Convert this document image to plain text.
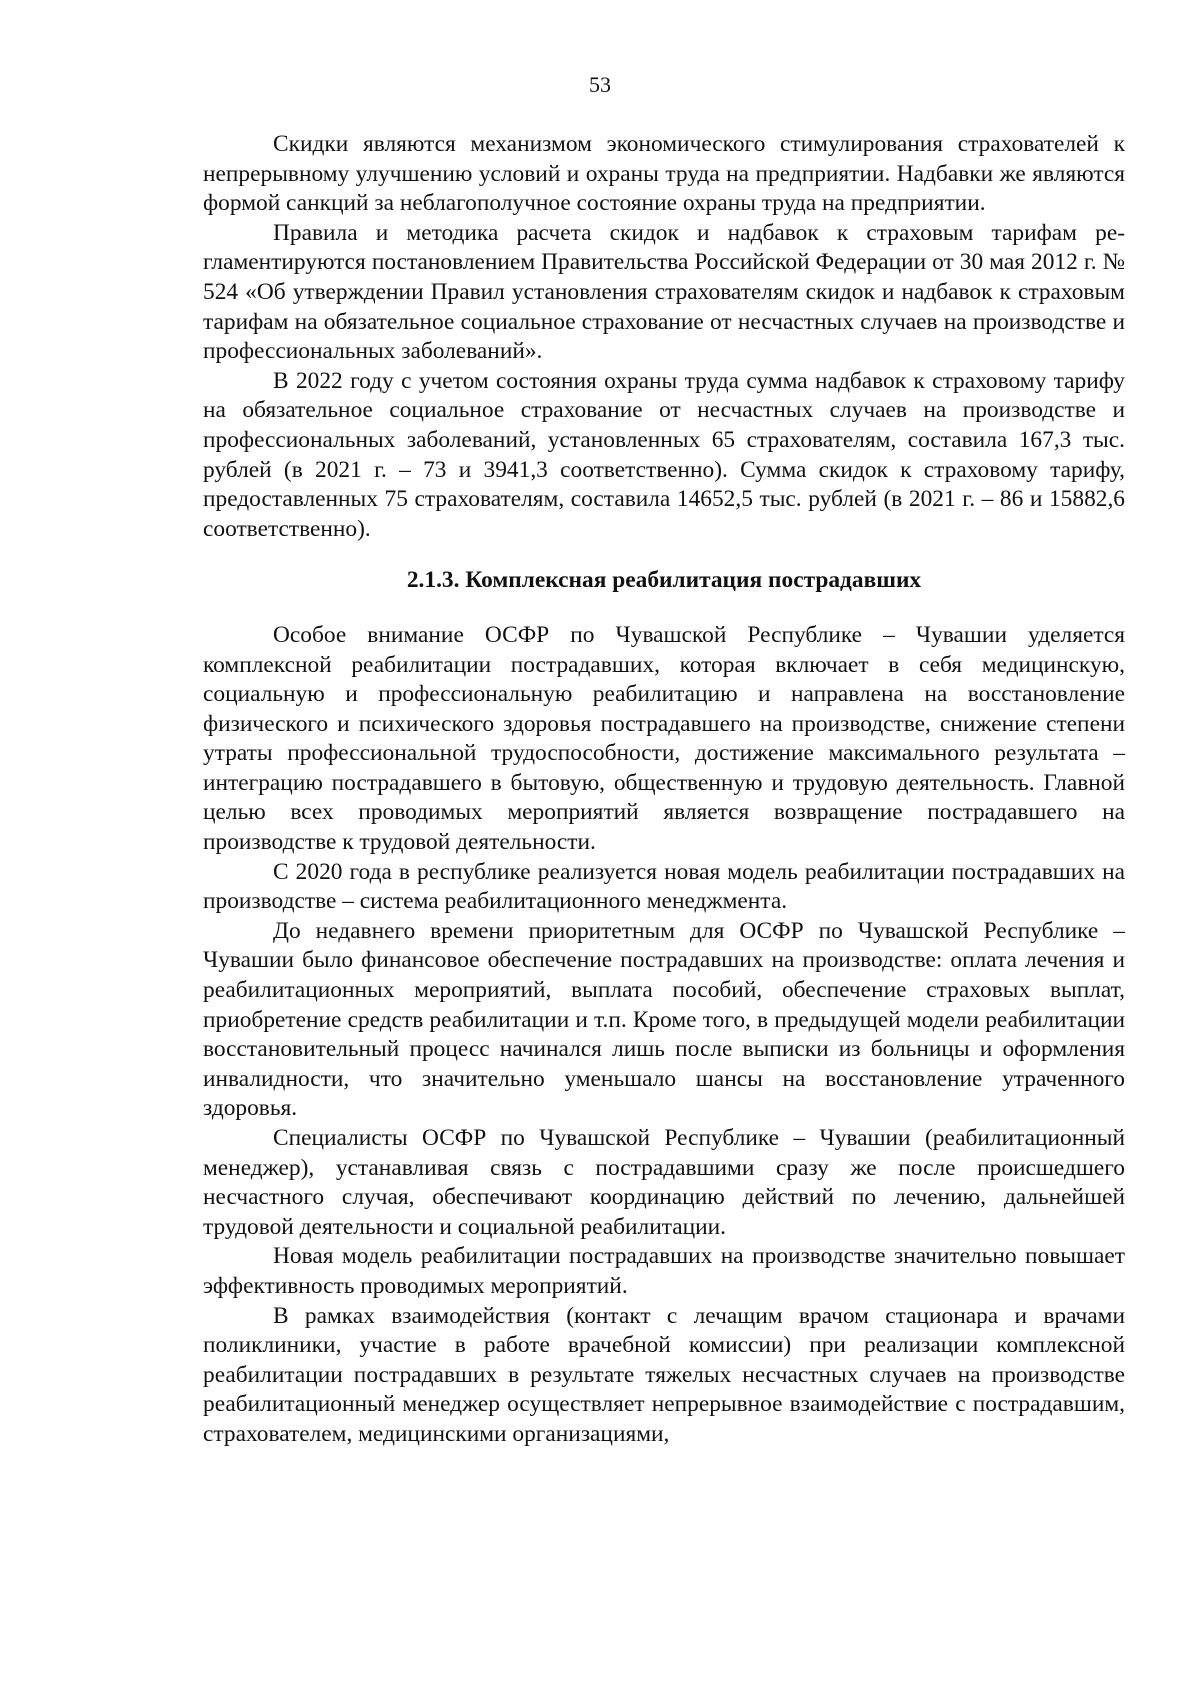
53

Скидки являются механизмом экономического стимулирования страхователей к непрерывному улучшению условий и охраны труда на предприятии. Надбавки же являются формой санкций за неблагополучное состояние охраны труда на предприятии.

Правила и методика расчета скидок и надбавок к страховым тарифам регламентируются постановлением Правительства Российской Федерации от 30 мая 2012 г. № 524 «Об утверждении Правил установления страхователям скидок и надбавок к страховым тарифам на обязательное социальное страхование от несчастных случаев на производстве и профессиональных заболеваний».

В 2022 году с учетом состояния охраны труда сумма надбавок к страховому тарифу на обязательное социальное страхование от несчастных случаев на производстве и профессиональных заболеваний, установленных 65 страхователям, составила 167,3 тыс. рублей (в 2021 г. – 73 и 3941,3 соответственно). Сумма скидок к страховому тарифу, предоставленных 75 страхователям, составила 14652,5 тыс. рублей (в 2021 г. – 86 и 15882,6 соответственно).

2.1.3. Комплексная реабилитация пострадавших

Особое внимание ОСФР по Чувашской Республике – Чувашии уделяется комплексной реабилитации пострадавших, которая включает в себя медицинскую, социальную и профессиональную реабилитацию и направлена на восстановление физического и психического здоровья пострадавшего на производстве, снижение степени утраты профессиональной трудоспособности, достижение максимального результата – интеграцию пострадавшего в бытовую, общественную и трудовую деятельность. Главной целью всех проводимых мероприятий является возвращение пострадавшего на производстве к трудовой деятельности.

С 2020 года в республике реализуется новая модель реабилитации пострадавших на производстве – система реабилитационного менеджмента.

До недавнего времени приоритетным для ОСФР по Чувашской Республике – Чувашии было финансовое обеспечение пострадавших на производстве: оплата лечения и реабилитационных мероприятий, выплата пособий, обеспечение страховых выплат, приобретение средств реабилитации и т.п. Кроме того, в предыдущей модели реабилитации восстановительный процесс начинался лишь после выписки из больницы и оформления инвалидности, что значительно уменьшало шансы на восстановление утраченного здоровья.

Специалисты ОСФР по Чувашской Республике – Чувашии (реабилитационный менеджер), устанавливая связь с пострадавшими сразу же после происшедшего несчастного случая, обеспечивают координацию действий по лечению, дальнейшей трудовой деятельности и социальной реабилитации.

Новая модель реабилитации пострадавших на производстве значительно повышает эффективность проводимых мероприятий.

В рамках взаимодействия (контакт с лечащим врачом стационара и врачами поликлиники, участие в работе врачебной комиссии) при реализации комплексной реабилитации пострадавших в результате тяжелых несчастных случаев на производстве реабилитационный менеджер осуществляет непрерывное взаимодействие с пострадавшим, страхователем, медицинскими организациями,
